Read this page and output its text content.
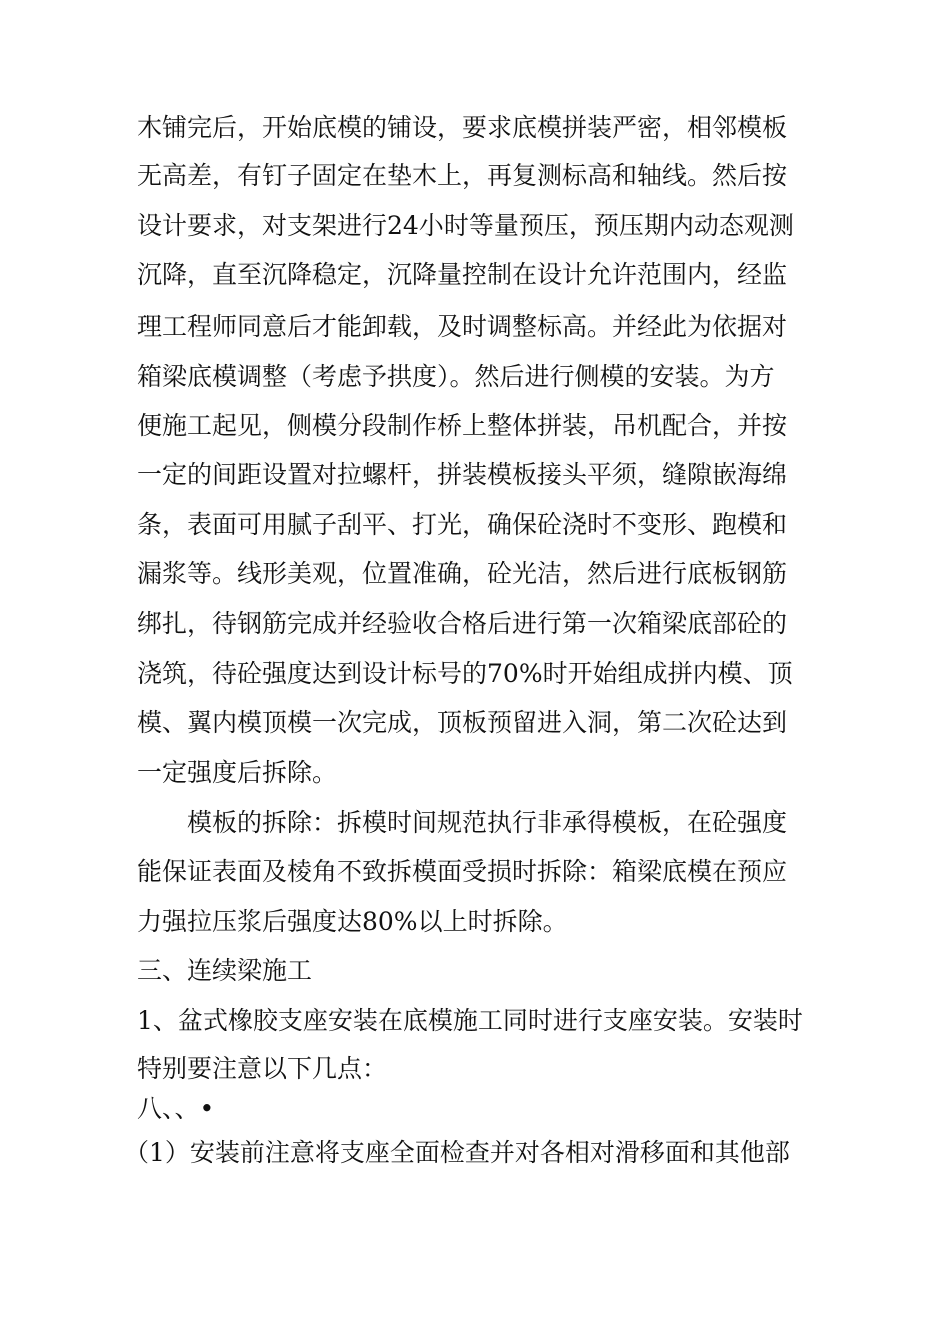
木铺完后，开始底模的铺设，要求底模拼装严密，相邻模板
无高差，有钉子固定在垫木上，再复测标高和轴线。然后按
设计要求，对支架进行24小时等量预压，预压期内动态观测
沉降，直至沉降稳定，沉降量控制在设计允许范围内，经监
理工程师同意后才能卸载，及时调整标高。并经此为依据对
箱梁底模调整（考虑予拱度）。然后进行侧模的安装。为方
便施工起见，侧模分段制作桥上整体拼装，吊机配合，并按
一定的间距设置对拉螺杆，拼装模板接头平须，缝隙嵌海绵
条，表面可用腻子刮平、打光，确保砼浇时不变形、跑模和
漏浆等。线形美观，位置准确，砼光洁，然后进行底板钢筋
绑扎，待钢筋完成并经验收合格后进行第一次箱梁底部砼的
浇筑，待砼强度达到设计标号的70%时开始组成拼内模、顶
模、翼内模顶模一次完成，顶板预留进入洞，第二次砼达到
一定强度后拆除。
模板的拆除：拆模时间规范执行非承得模板，在砼强度
能保证表面及棱角不致拆模面受损时拆除：箱梁底模在预应
力强拉压浆后强度达80%以上时拆除。
三、连续梁施工
1、盆式橡胶支座安装在底模施工同时进行支座安装。安装时
特别要注意以下几点：
八、、•
（1）安装前注意将支座全面检查并对各相对滑移面和其他部
